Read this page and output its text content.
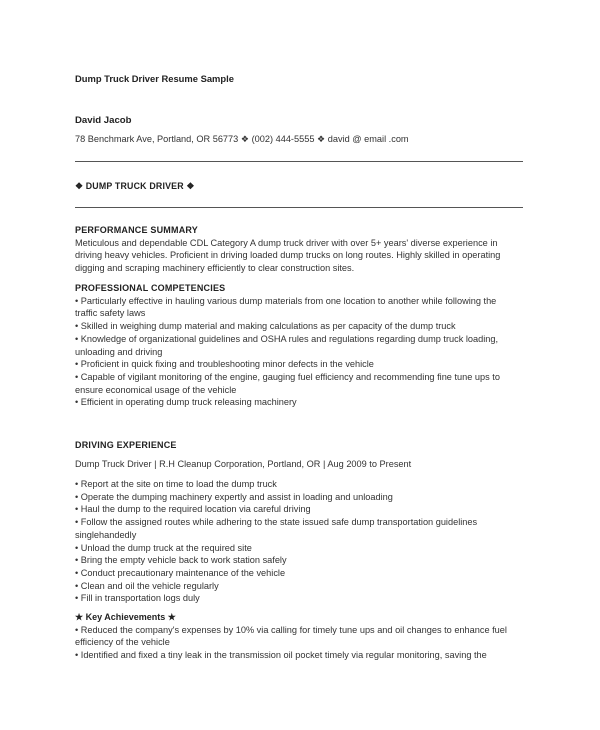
Dump Truck Driver Resume Sample
David Jacob
78 Benchmark Ave, Portland, OR 56773 ❖ (002) 444-5555 ❖ david @ email .com
❖ DUMP TRUCK DRIVER ❖
PERFORMANCE SUMMARY
Meticulous and dependable CDL Category A dump truck driver with over 5+ years' diverse experience in
driving heavy vehicles. Proficient in driving loaded dump trucks on long routes. Highly skilled in operating
digging and scraping machinery efficiently to clear construction sites.
PROFESSIONAL COMPETENCIES
• Particularly effective in hauling various dump materials from one location to another while following the
traffic safety laws
• Skilled in weighing dump material and making calculations as per capacity of the dump truck
• Knowledge of organizational guidelines and OSHA rules and regulations regarding dump truck loading,
unloading and driving
• Proficient in quick fixing and troubleshooting minor defects in the vehicle
• Capable of vigilant monitoring of the engine, gauging fuel efficiency and recommending fine tune ups to
ensure economical usage of the vehicle
• Efficient in operating dump truck releasing machinery
DRIVING EXPERIENCE
Dump Truck Driver | R.H Cleanup Corporation, Portland, OR | Aug 2009 to Present
• Report at the site on time to load the dump truck
• Operate the dumping machinery expertly and assist in loading and unloading
• Haul the dump to the required location via careful driving
• Follow the assigned routes while adhering to the state issued safe dump transportation guidelines
singlehandedly
• Unload the dump truck at the required site
• Bring the empty vehicle back to work station safely
• Conduct precautionary maintenance of the vehicle
• Clean and oil the vehicle regularly
• Fill in transportation logs duly
★ Key Achievements ★
• Reduced the company's expenses by 10% via calling for timely tune ups and oil changes to enhance fuel
efficiency of the vehicle
• Identified and fixed a tiny leak in the transmission oil pocket timely via regular monitoring, saving the
